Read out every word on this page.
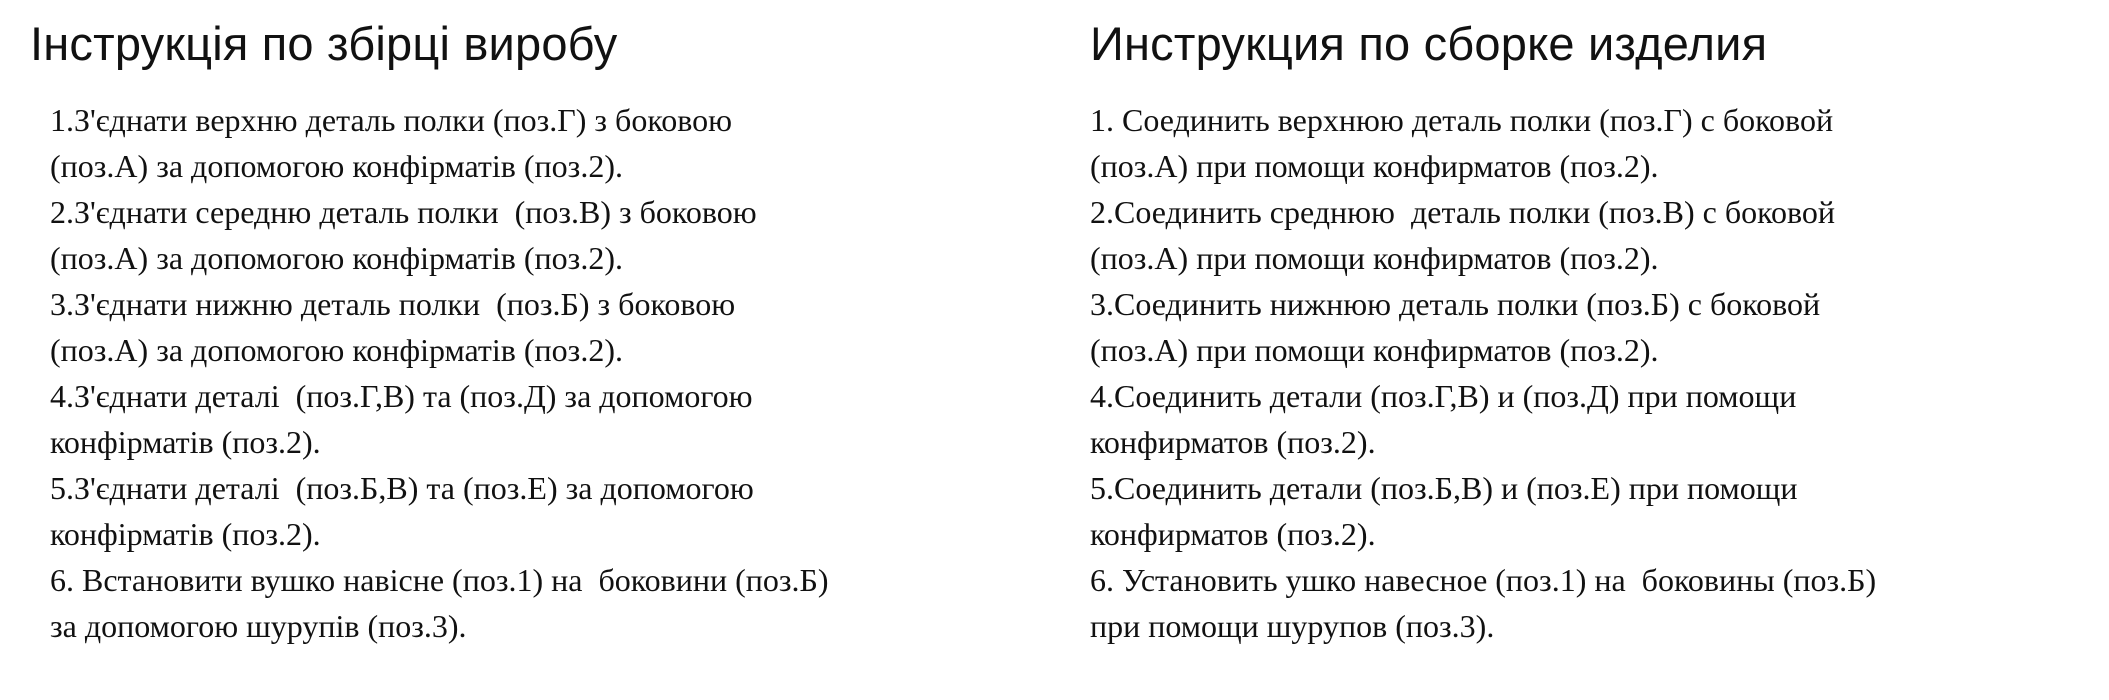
Інструкція по збірці виробу
1.З'єднати верхню деталь полки (поз.Г) з боковою
(поз.А) за допомогою конфірматів (поз.2).
2.З'єднати середню деталь полки  (поз.В) з боковою
(поз.А) за допомогою конфірматів (поз.2).
3.З'єднати нижню деталь полки  (поз.Б) з боковою
(поз.А) за допомогою конфірматів (поз.2).
4.З'єднати деталі  (поз.Г,В) та (поз.Д) за допомогою
конфірматів (поз.2).
5.З'єднати деталі  (поз.Б,В) та (поз.Е) за допомогою
конфірматів (поз.2).
6. Встановити вушко навісне (поз.1) на  боковини (поз.Б)
за допомогою шурупів (поз.3).
Инструкция по сборке изделия
1. Соединить верхнюю деталь полки (поз.Г) с боковой
(поз.А) при помощи конфирматов (поз.2).
2.Соединить среднюю  деталь полки (поз.В) с боковой
(поз.А) при помощи конфирматов (поз.2).
3.Соединить нижнюю деталь полки (поз.Б) с боковой
(поз.А) при помощи конфирматов (поз.2).
4.Соединить детали (поз.Г,В) и (поз.Д) при помощи
конфирматов (поз.2).
5.Соединить детали (поз.Б,В) и (поз.Е) при помощи
конфирматов (поз.2).
6. Установить ушко навесное (поз.1) на  боковины (поз.Б)
при помощи шурупов (поз.3).
